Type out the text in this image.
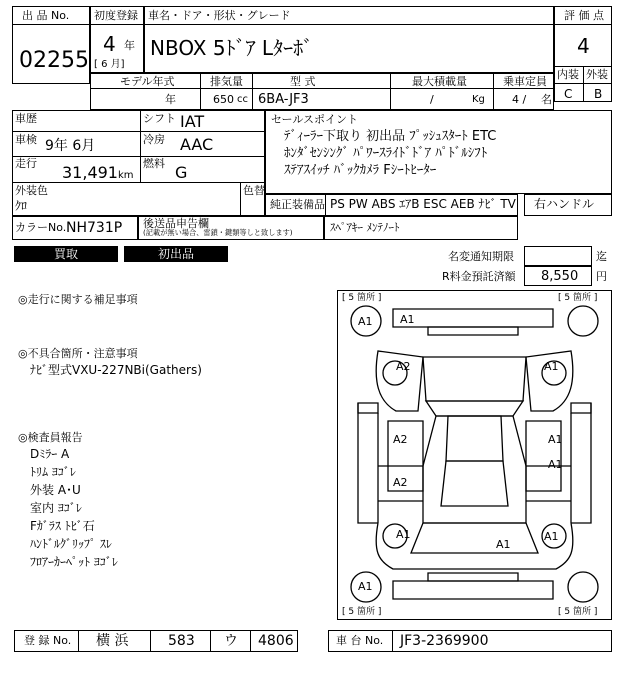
出 品 No.
02255
初度登録
4 年
[ 6 月]
車名・ドア・形状・グレード
NBOX 5ﾄﾞｱ Lﾀｰﾎﾞ
評 価 点
4
内装 外装
C B
モデル年式
年
排気量
650 cc
型 式
6BA-JF3
最大積載量
/	Kg
乗車定員
4 / 名
車歴
車検 9年 6月
走行 31,491 km
シフト IAT
冷房 AAC
燃料 G
外装色
ｸﾛ
色替
カラーNo. NH731P 後送品申告欄
(記載が無い場合、雷鎖・鍵類等しと致します)
セールスポイント
ﾃﾞｨｰﾗｰ下取り 初出品 ﾌﾟｯｼｭｽﾀｰﾄ ETC
ﾎﾝﾀﾞｾﾝｼﾝｸﾞ ﾊﾟﾜｰｽﾗｲﾄﾞﾄﾞｱ ﾊﾟﾄﾞﾙｼﾌﾄ
ｽﾃｱｽｲｯﾁ ﾊﾞｯｸｶﾒﾗ Fｼｰﾄﾋｰﾀｰ
純正装備品 PS PW ABS ｴｱB ESC AEB ﾅﾋﾞ TV 右ハンドル
ｽﾍﾟｱｷｰ ﾒﾝﾃﾉｰﾄ
買取	初出品	名変通知期限	迄
R料金預託済額 8,550 円
◎走行に関する補足事項
◎不具合箇所・注意事項
ﾅﾋﾞ型式VXU-227NBi(Gathers)
◎検査員報告
Dﾐﾗｰ A
ﾄﾘﾑ ﾖｺﾞﾚ
外装 A･U
室内 ﾖｺﾞﾚ
Fｶﾞﾗｽ ﾄﾋﾞ石
ﾊﾝﾄﾞﾙｸﾞﾘｯﾌﾟ ｽﾚ
ﾌﾛｱｰｶｰﾍﾟｯﾄ ﾖｺﾞﾚ
[ 5 箇所 ]	[ 5 箇所 ]
[ 5 箇所 ]	[ 5 箇所 ]
A1 A1
A2	A1
A2	A1
A1
A2
A1	A1
A1
A1
登 録 No. 横 浜	583 ウ 4806	車 台 No. JF3-2369900
